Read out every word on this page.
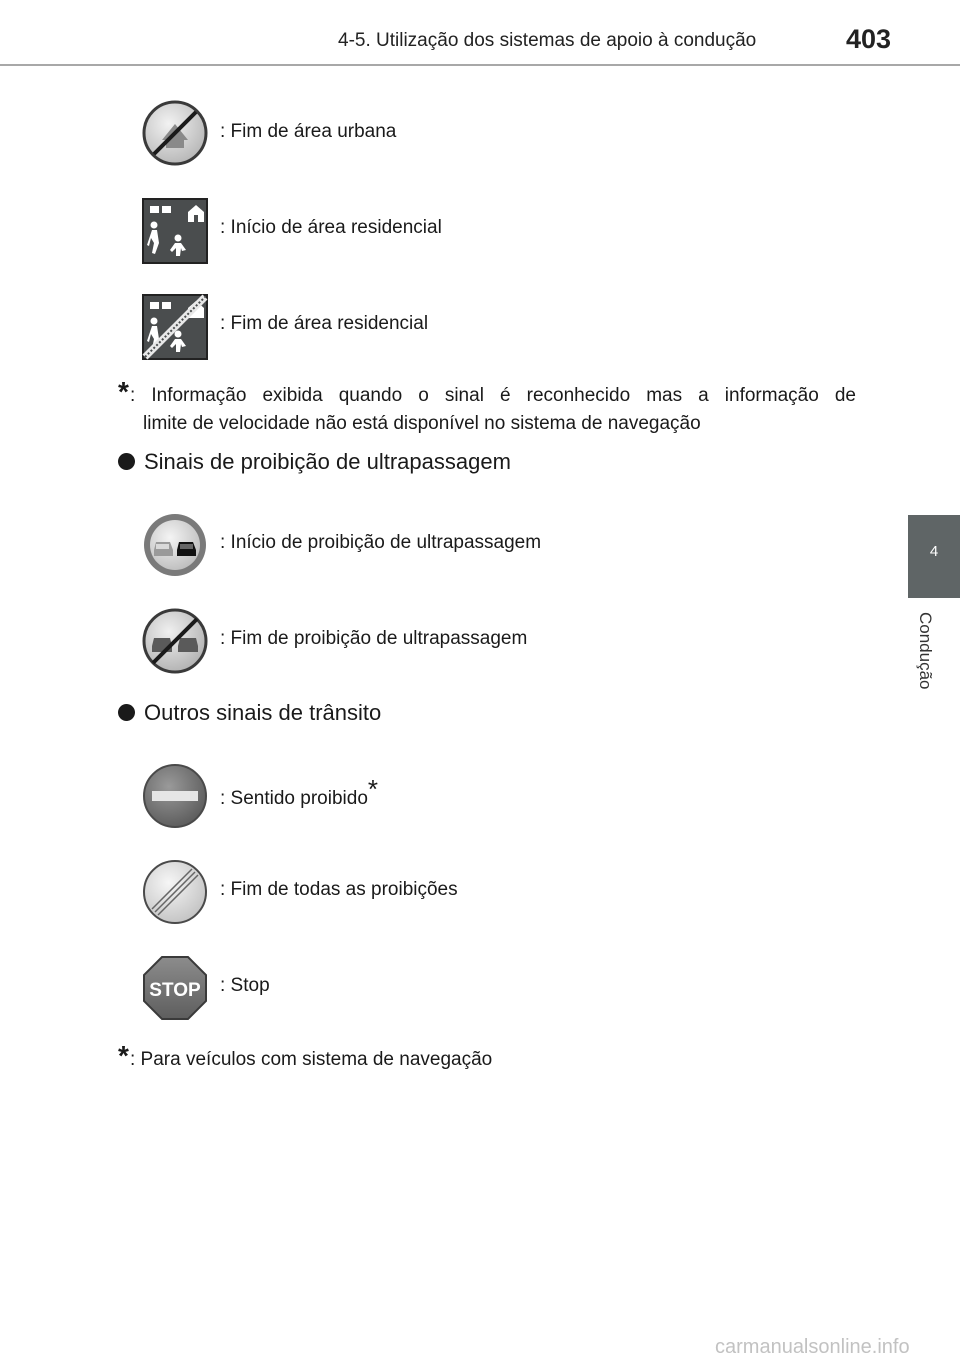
4-5. Utilização dos sistemas de apoio à condução	403
4
Condução
: Fim de área urbana
: Início de área residencial
: Fim de área residencial
* : Informação exibida quando o sinal é reconhecido mas a informação de
limite de velocidade não está disponível no sistema de navegação
Sinais de proibição de ultrapassagem
: Início de proibição de ultrapassagem
: Fim de proibição de ultrapassagem
Outros sinais de trânsito
: Sentido proibido*
: Fim de todas as proibições
STOP : Stop
* : Para veículos com sistema de navegação
carmanualsonline.info
